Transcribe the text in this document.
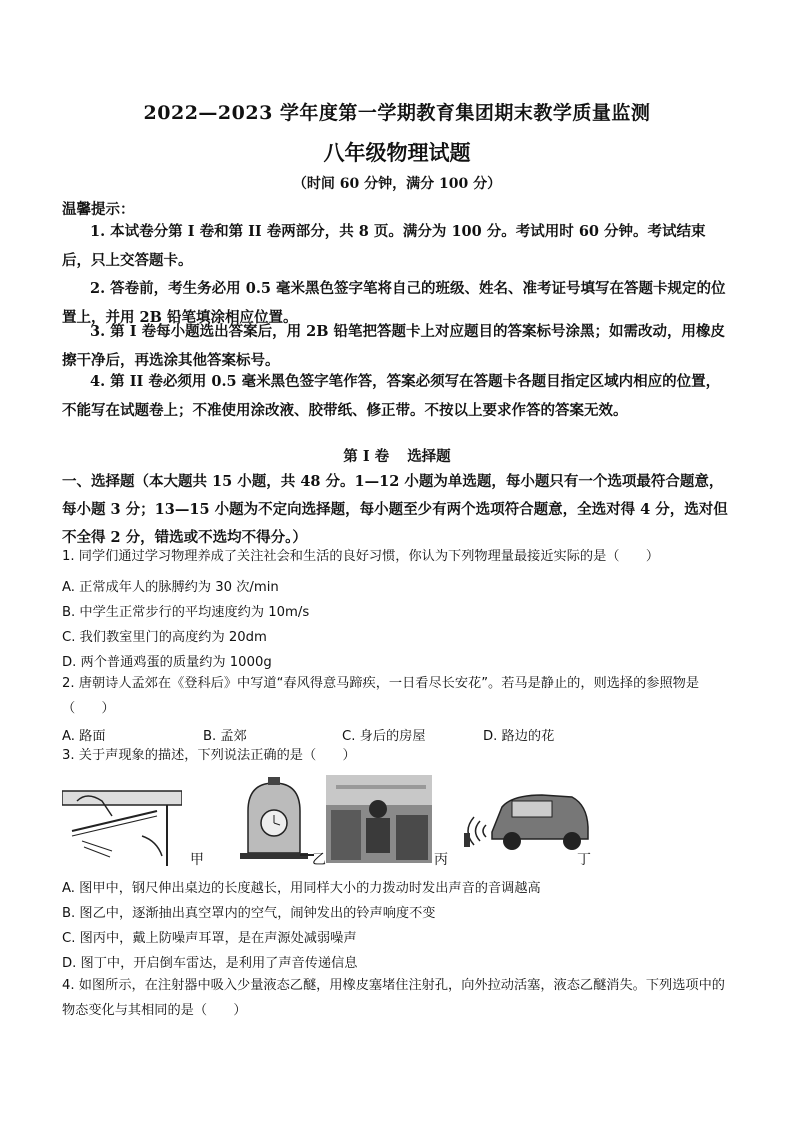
2022—2023 学年度第一学期教育集团期末教学质量监测
八年级物理试题
（时间 60 分钟，满分 100 分）
温馨提示：
1. 本试卷分第 I 卷和第 II 卷两部分，共 8 页。满分为 100 分。考试用时 60 分钟。考试结束后，只上交答题卡。
2. 答卷前，考生务必用 0.5 毫米黑色签字笔将自己的班级、姓名、准考证号填写在答题卡规定的位置上，并用 2B 铅笔填涂相应位置。
3. 第 I 卷每小题选出答案后，用 2B 铅笔把答题卡上对应题目的答案标号涂黑；如需改动，用橡皮擦干净后，再选涂其他答案标号。
4. 第 II 卷必须用 0.5 毫米黑色签字笔作答，答案必须写在答题卡各题目指定区域内相应的位置，不能写在试题卷上；不准使用涂改液、胶带纸、修正带。不按以上要求作答的答案无效。
第 I 卷 选择题
一、选择题（本大题共 15 小题，共 48 分。1—12 小题为单选题，每小题只有一个选项最符合题意，每小题 3 分；13—15 小题为不定向选择题，每小题至少有两个选项符合题意，全选对得 4 分，选对但不全得 2 分，错选或不选均不得分。）
1. 同学们通过学习物理养成了关注社会和生活的良好习惯，你认为下列物理量最接近实际的是（　　）
A. 正常成年人的脉膊约为 30 次/min
B. 中学生正常步行的平均速度约为 10m/s
C. 我们教室里门的高度约为 20dm
D. 两个普通鸡蛋的质量约为 1000g
2. 唐朝诗人孟郊在《登科后》中写道“春风得意马蹄疾，一日看尽长安花”。若马是静止的，则选择的参照物是（　　）
A. 路面	B. 孟郊	C. 身后的房屋	D. 路边的花
3. 关于声现象的描述，下列说法正确的是（　　）
甲	乙	丙	丁
A. 图甲中，钢尺伸出桌边的长度越长，用同样大小的力拨动时发出声音的音调越高
B. 图乙中，逐渐抽出真空罩内的空气，闹钟发出的铃声响度不变
C. 图丙中，戴上防噪声耳罩，是在声源处减弱噪声
D. 图丁中，开启倒车雷达，是利用了声音传递信息
4. 如图所示，在注射器中吸入少量液态乙醚，用橡皮塞堵住注射孔，向外拉动活塞，液态乙醚消失。下列选项中的物态变化与其相同的是（　　）
